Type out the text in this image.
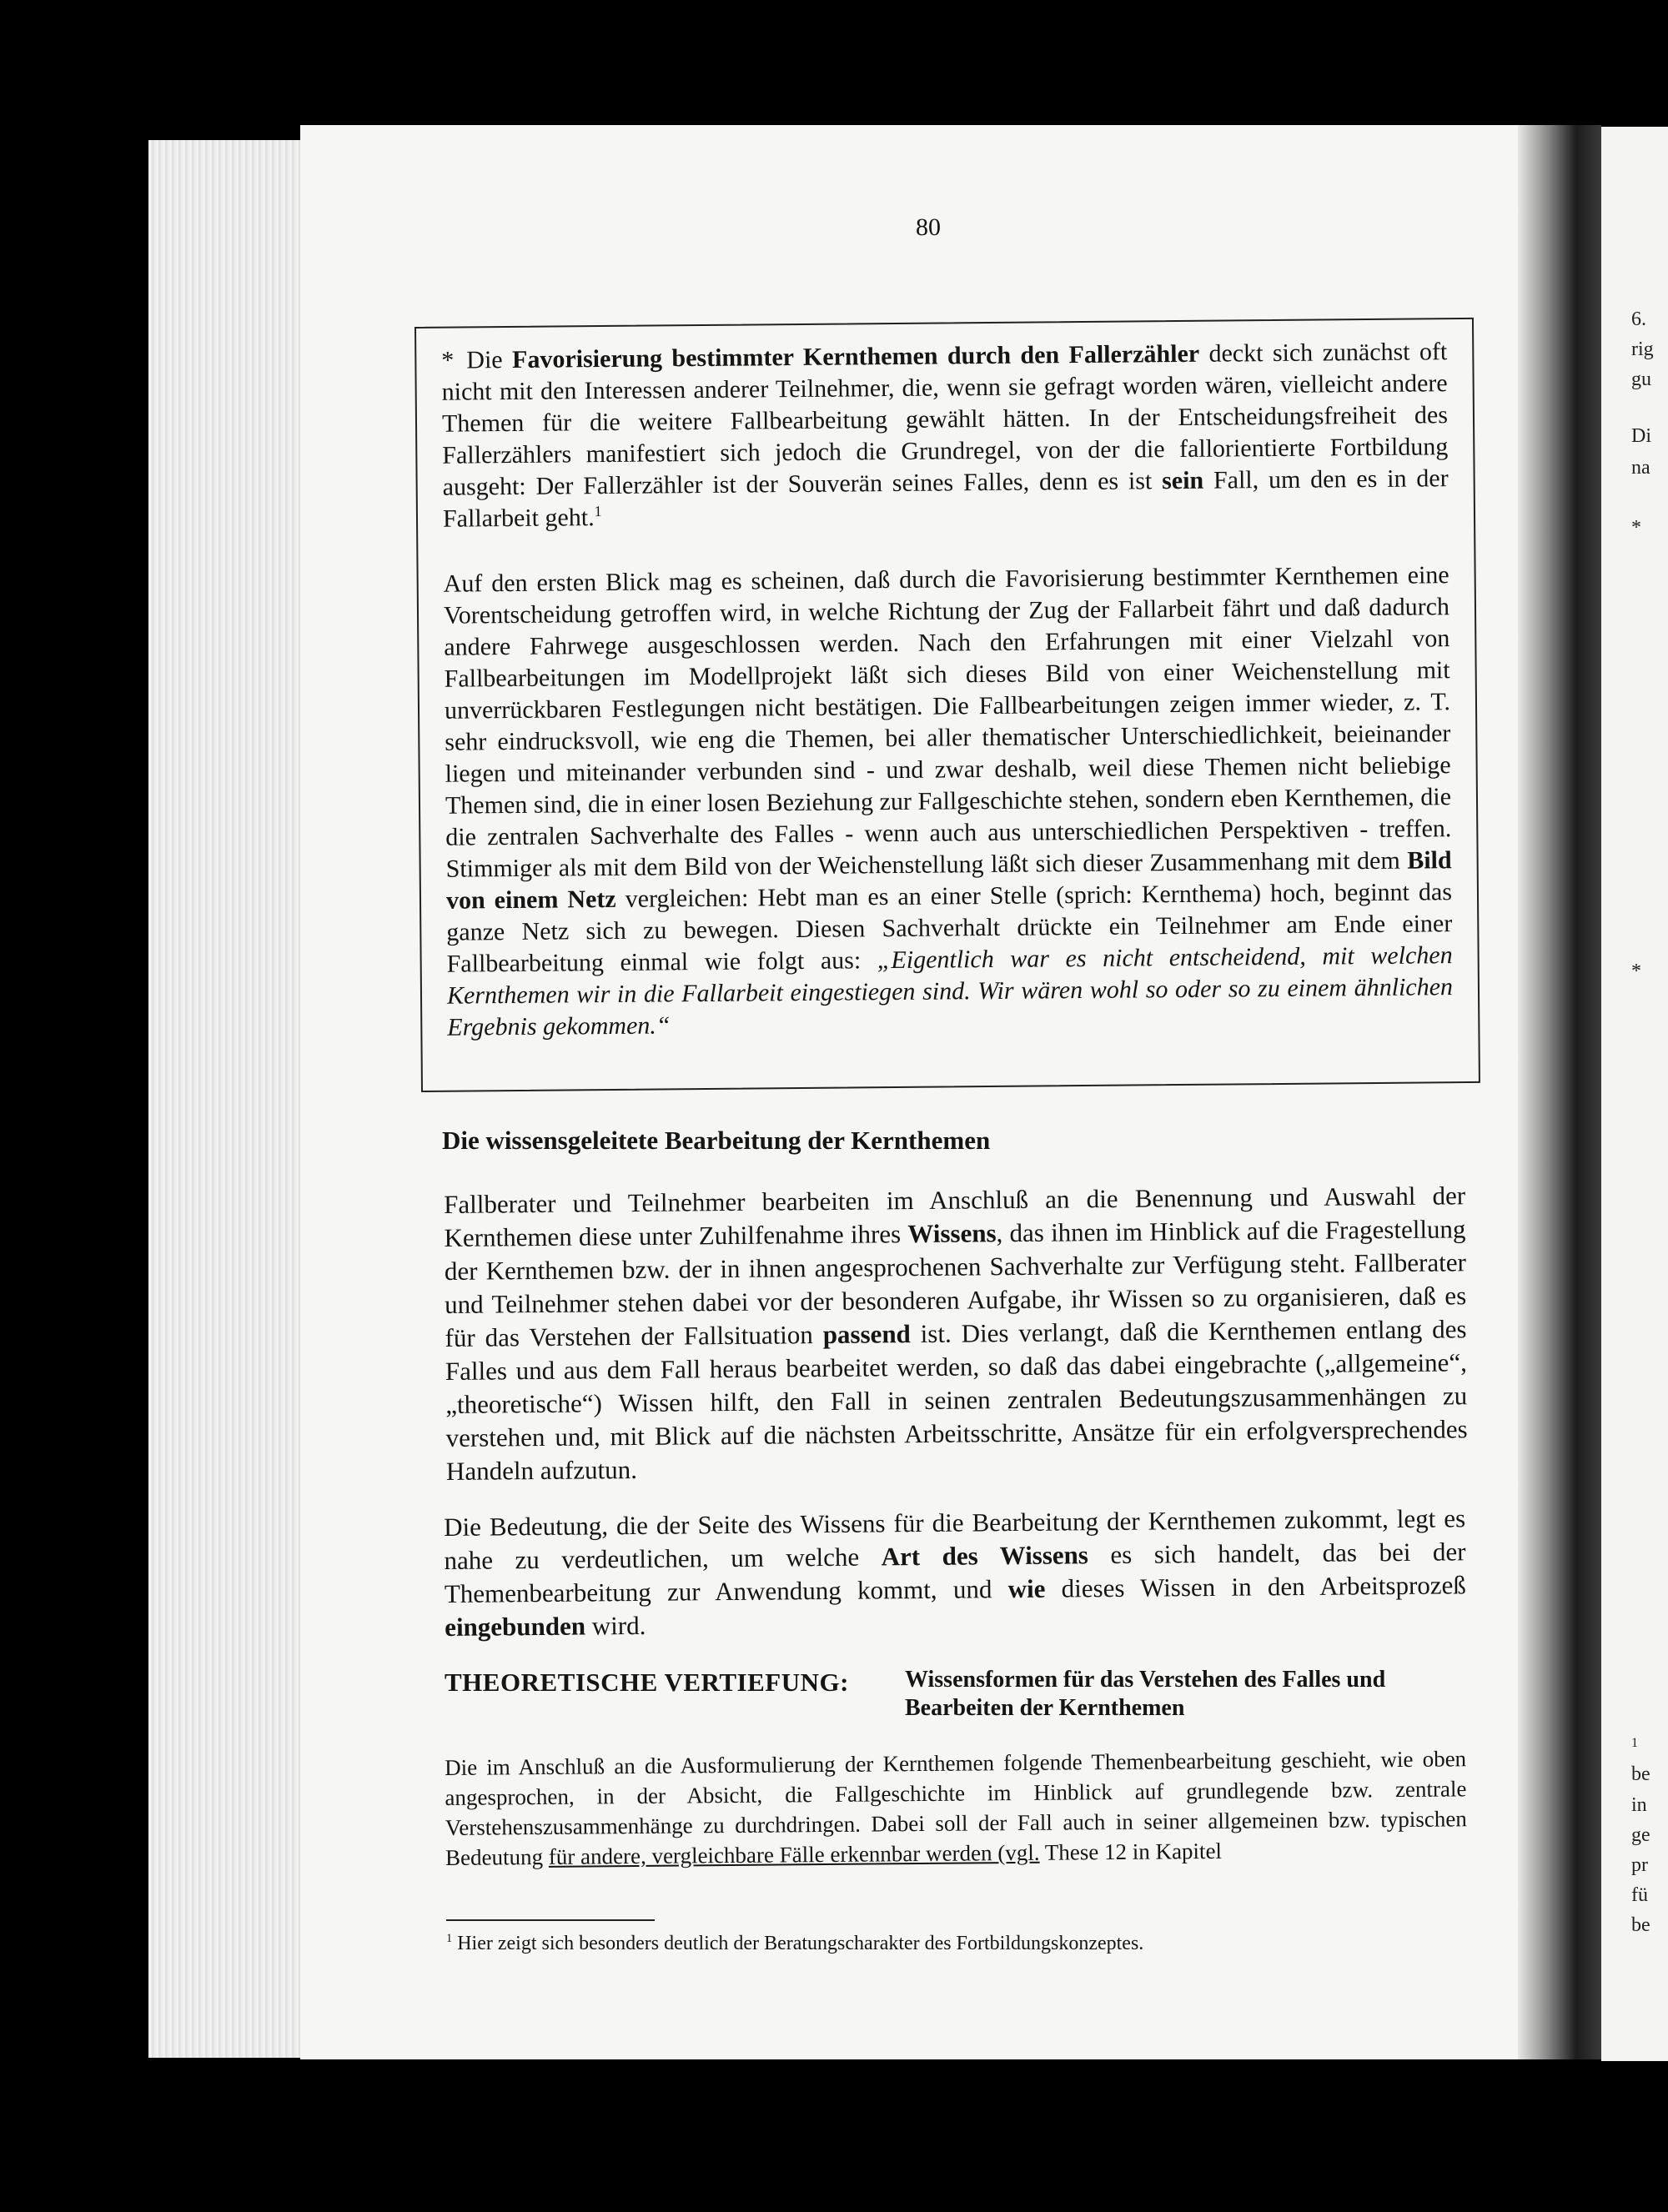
6.
rig
gu
Di
na
*
*
1
be
in
ge
pr
fü
be
80

* Die Favorisierung bestimmter Kernthemen durch den Fallerzähler deckt sich zunächst oft nicht mit den Interessen anderer Teilnehmer, die, wenn sie gefragt worden wären, vielleicht andere Themen für die weitere Fallbearbeitung gewählt hätten. In der Entscheidungsfreiheit des Fallerzählers manifestiert sich jedoch die Grundregel, von der die fallorientierte Fortbildung ausgeht: Der Fallerzähler ist der Souverän seines Falles, denn es ist sein Fall, um den es in der Fallarbeit geht.$^1$

Auf den ersten Blick mag es scheinen, daß durch die Favorisierung bestimmter Kernthemen eine Vorentscheidung getroffen wird, in welche Richtung der Zug der Fallarbeit fährt und daß dadurch andere Fahrwege ausgeschlossen werden. Nach den Erfahrungen mit einer Vielzahl von Fallbearbeitungen im Modellprojekt läßt sich dieses Bild von einer Weichenstellung mit unverrückbaren Festlegungen nicht bestätigen. Die Fallbearbeitungen zeigen immer wieder, z. T. sehr eindrucksvoll, wie eng die Themen, bei aller thematischer Unterschiedlichkeit, beieinander liegen und miteinander verbunden sind - und zwar deshalb, weil diese Themen nicht beliebige Themen sind, die in einer losen Beziehung zur Fallgeschichte stehen, sondern eben Kernthemen, die die zentralen Sachverhalte des Falles - wenn auch aus unterschiedlichen Perspektiven - treffen. Stimmiger als mit dem Bild von der Weichenstellung läßt sich dieser Zusammenhang mit dem Bild von einem Netz vergleichen: Hebt man es an einer Stelle (sprich: Kernthema) hoch, beginnt das ganze Netz sich zu bewegen. Diesen Sachverhalt drückte ein Teilnehmer am Ende einer Fallbearbeitung einmal wie folgt aus: „Eigentlich war es nicht entscheidend, mit welchen Kernthemen wir in die Fallarbeit eingestiegen sind. Wir wären wohl so oder so zu einem ähnlichen Ergebnis gekommen.“

Die wissensgeleitete Bearbeitung der Kernthemen

Fallberater und Teilnehmer bearbeiten im Anschluß an die Benennung und Auswahl der Kernthemen diese unter Zuhilfenahme ihres Wissens, das ihnen im Hinblick auf die Fragestellung der Kernthemen bzw. der in ihnen angesprochenen Sachverhalte zur Verfügung steht. Fallberater und Teilnehmer stehen dabei vor der besonderen Aufgabe, ihr Wissen so zu organisieren, daß es für das Verstehen der Fallsituation passend ist. Dies verlangt, daß die Kernthemen entlang des Falles und aus dem Fall heraus bearbeitet werden, so daß das dabei eingebrachte („allgemeine“, „theoretische“) Wissen hilft, den Fall in seinen zentralen Bedeutungszusammenhängen zu verstehen und, mit Blick auf die nächsten Arbeitsschritte, Ansätze für ein erfolgversprechendes Handeln aufzutun.

Die Bedeutung, die der Seite des Wissens für die Bearbeitung der Kernthemen zukommt, legt es nahe zu verdeutlichen, um welche Art des Wissens es sich handelt, das bei der Themenbearbeitung zur Anwendung kommt, und wie dieses Wissen in den Arbeitsprozeß eingebunden wird.

THEORETISCHE VERTIEFUNG: Wissensformen für das Verstehen des Falles und Bearbeiten der Kernthemen
Die im Anschluß an die Ausformulierung der Kernthemen folgende Themenbearbeitung geschieht, wie oben angesprochen, in der Absicht, die Fallgeschichte im Hinblick auf grundlegende bzw. zentrale Verstehenszusammenhänge zu durchdringen. Dabei soll der Fall auch in seiner allgemeinen bzw. typischen Bedeutung für andere, vergleichbare Fälle erkennbar werden (vgl. These 12 in Kapitel
$^1$ Hier zeigt sich besonders deutlich der Beratungscharakter des Fortbildungskonzeptes.
